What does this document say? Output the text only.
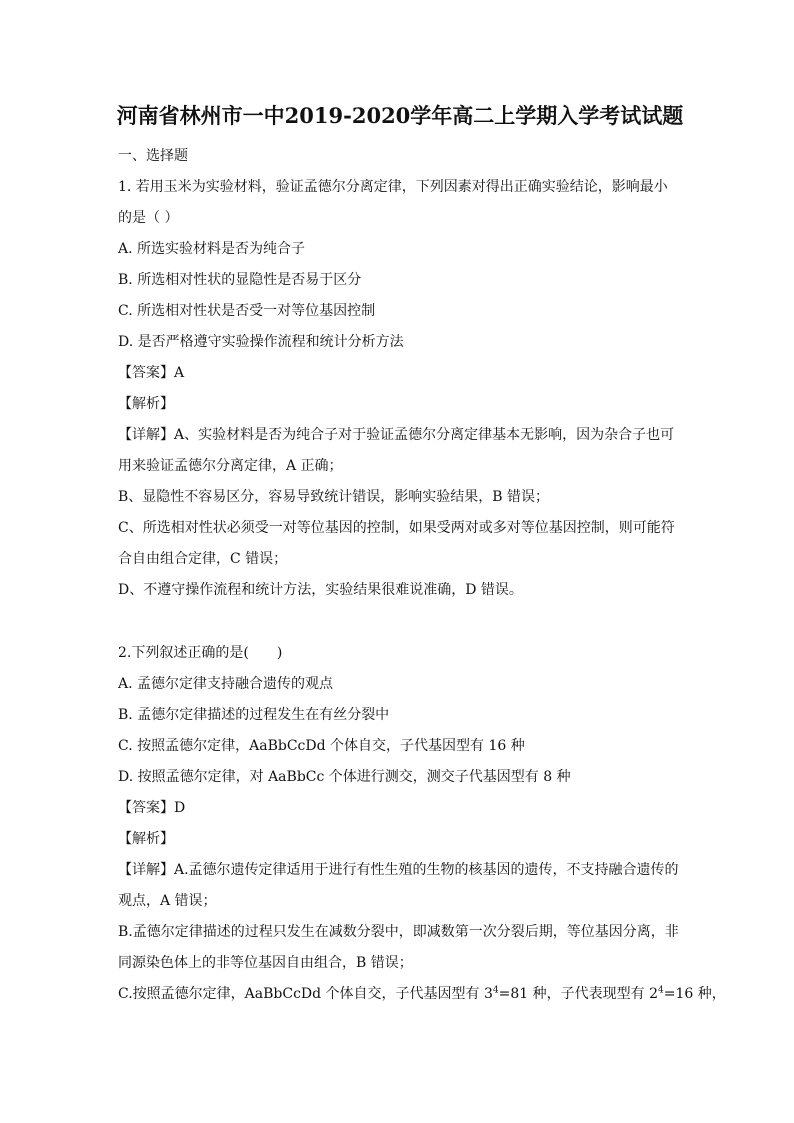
河南省林州市一中2019-2020学年高二上学期入学考试试题
一、选择题
1. 若用玉米为实验材料，验证孟德尔分离定律，下列因素对得出正确实验结论，影响最小
的是（ ）
A. 所选实验材料是否为纯合子
B. 所选相对性状的显隐性是否易于区分
C. 所选相对性状是否受一对等位基因控制
D. 是否严格遵守实验操作流程和统计分析方法
【答案】A
【解析】
【详解】A、实验材料是否为纯合子对于验证孟德尔分离定律基本无影响，因为杂合子也可
用来验证孟德尔分离定律，A 正确；
B、显隐性不容易区分，容易导致统计错误，影响实验结果，B 错误；
C、所选相对性状必须受一对等位基因的控制，如果受两对或多对等位基因控制，则可能符
合自由组合定律，C 错误；
D、不遵守操作流程和统计方法，实验结果很难说准确，D 错误。
2.下列叙述正确的是(　　)
A. 孟德尔定律支持融合遗传的观点
B. 孟德尔定律描述的过程发生在有丝分裂中
C. 按照孟德尔定律，AaBbCcDd 个体自交，子代基因型有 16 种
D. 按照孟德尔定律，对 AaBbCc 个体进行测交，测交子代基因型有 8 种
【答案】D
【解析】
【详解】A.孟德尔遗传定律适用于进行有性生殖的生物的核基因的遗传，不支持融合遗传的
观点，A 错误；
B.孟德尔定律描述的过程只发生在减数分裂中，即减数第一次分裂后期，等位基因分离，非
同源染色体上的非等位基因自由组合，B 错误；
C.按照孟德尔定律，AaBbCcDd 个体自交，子代基因型有 $3^4=81$ 种，子代表现型有 $2^4=16$ 种，
